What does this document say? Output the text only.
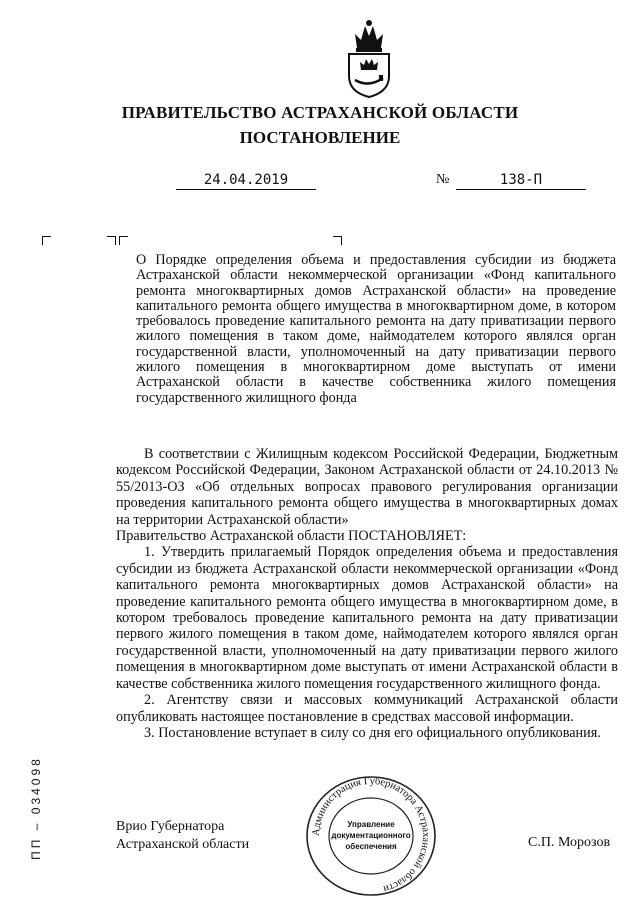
ПРАВИТЕЛЬСТВО АСТРАХАНСКОЙ ОБЛАСТИ
ПОСТАНОВЛЕНИЕ
24.04.2019	№	138-П
О Порядке определения объема и предоставления субсидии из бюджета Астраханской области некоммерческой организации «Фонд капитального ремонта многоквартирных домов Астраханской области» на проведение капитального ремонта общего имущества в многоквартирном доме, в котором требовалось проведение капитального ремонта на дату приватизации первого жилого помещения в таком доме, наймодателем которого являлся орган государственной власти, уполномоченный на дату приватизации первого жилого помещения в многоквартирном доме выступать от имени Астраханской области в качестве собственника жилого помещения государственного жилищного фонда

В соответствии с Жилищным кодексом Российской Федерации, Бюджетным кодексом Российской Федерации, Законом Астраханской области от 24.10.2013 № 55/2013-ОЗ «Об отдельных вопросах правового регулирования организации проведения капитального ремонта общего имущества в многоквартирных домах на территории Астраханской области»

Правительство Астраханской области ПОСТАНОВЛЯЕТ:

1. Утвердить прилагаемый Порядок определения объема и предоставления субсидии из бюджета Астраханской области некоммерческой организации «Фонд капитального ремонта многоквартирных домов Астраханской области» на проведение капитального ремонта общего имущества в многоквартирном доме, в котором требовалось проведение капитального ремонта на дату приватизации первого жилого помещения в таком доме, наймодателем которого являлся орган государственной власти, уполномоченный на дату приватизации первого жилого помещения в многоквартирном доме выступать от имени Астраханской области в качестве собственника жилого помещения государственного жилищного фонда.

2. Агентству связи и массовых коммуникаций Астраханской области опубликовать настоящее постановление в средствах массовой информации.

3. Постановление вступает в силу со дня его официального опубликования.

ПП – 034098	Врио Губернатора
Астраханской области	С.П. Морозов
Администрация Губернатора Астраханской области
Управление
документационного
обеспечения
